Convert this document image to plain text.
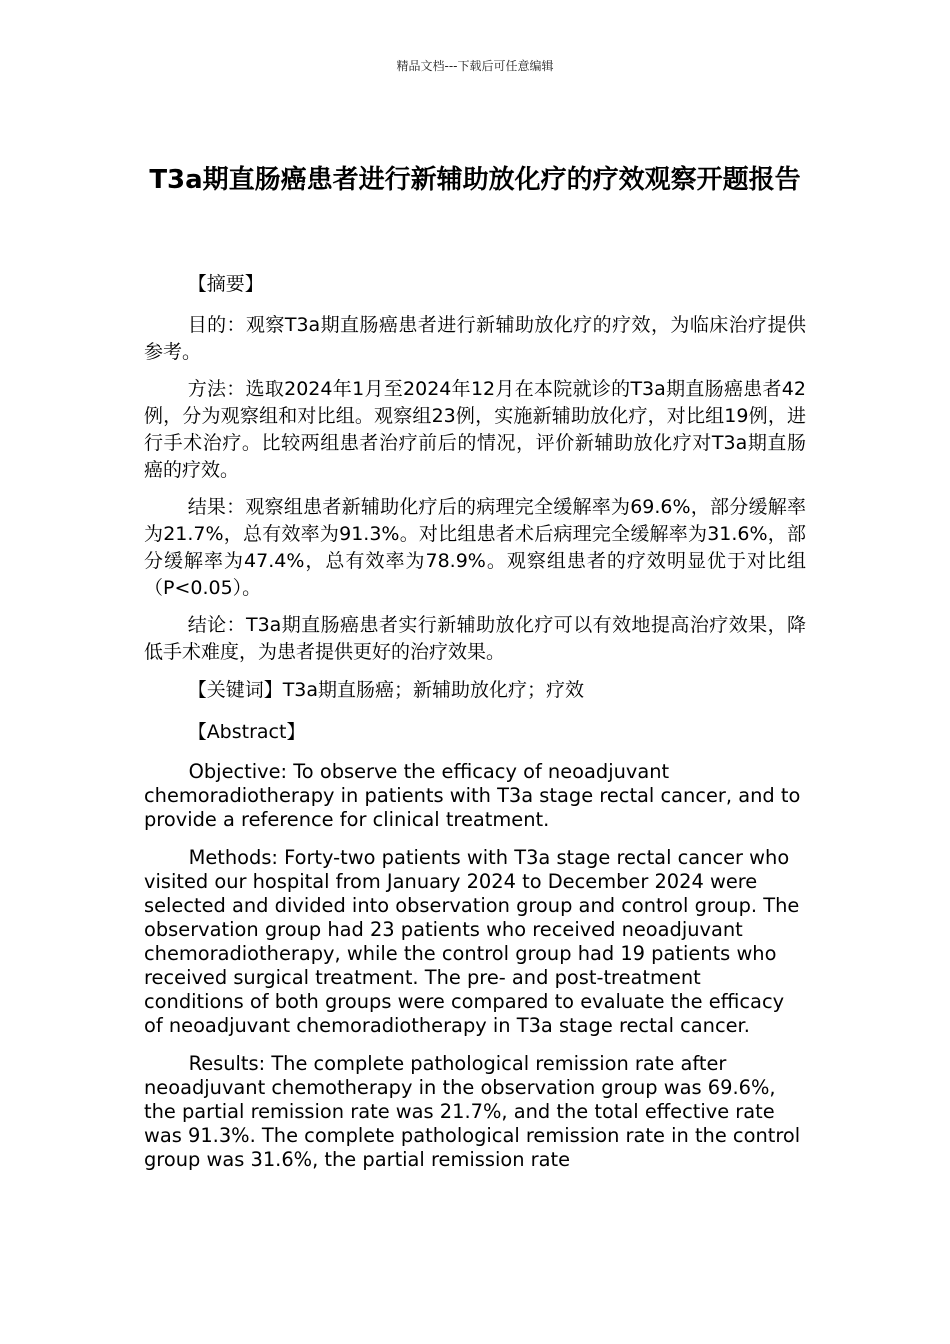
精品文档---下载后可任意编辑
T3a期直肠癌患者进行新辅助放化疗的疗效观察开题报告

【摘要】

目的：观察T3a期直肠癌患者进行新辅助放化疗的疗效，为临床治疗提供参考。

方法：选取2024年1月至2024年12月在本院就诊的T3a期直肠癌患者42例，分为观察组和对比组。观察组23例，实施新辅助放化疗，对比组19例，进行手术治疗。比较两组患者治疗前后的情况，评价新辅助放化疗对T3a期直肠癌的疗效。

结果：观察组患者新辅助化疗后的病理完全缓解率为69.6%，部分缓解率为21.7%，总有效率为91.3%。对比组患者术后病理完全缓解率为31.6%，部分缓解率为47.4%，总有效率为78.9%。观察组患者的疗效明显优于对比组（P<0.05）。

结论：T3a期直肠癌患者实行新辅助放化疗可以有效地提高治疗效果，降低手术难度，为患者提供更好的治疗效果。

【关键词】T3a期直肠癌；新辅助放化疗；疗效

【Abstract】

Objective: To observe the efficacy of neoadjuvant chemoradiotherapy in patients with T3a stage rectal cancer, and to provide a reference for clinical treatment.

Methods: Forty-two patients with T3a stage rectal cancer who visited our hospital from January 2024 to December 2024 were selected and divided into observation group and control group. The observation group had 23 patients who received neoadjuvant chemoradiotherapy, while the control group had 19 patients who received surgical treatment. The pre- and post-treatment conditions of both groups were compared to evaluate the efficacy of neoadjuvant chemoradiotherapy in T3a stage rectal cancer.

Results: The complete pathological remission rate after neoadjuvant chemotherapy in the observation group was 69.6%, the partial remission rate was 21.7%, and the total effective rate was 91.3%. The complete pathological remission rate in the control group was 31.6%, the partial remission rate
